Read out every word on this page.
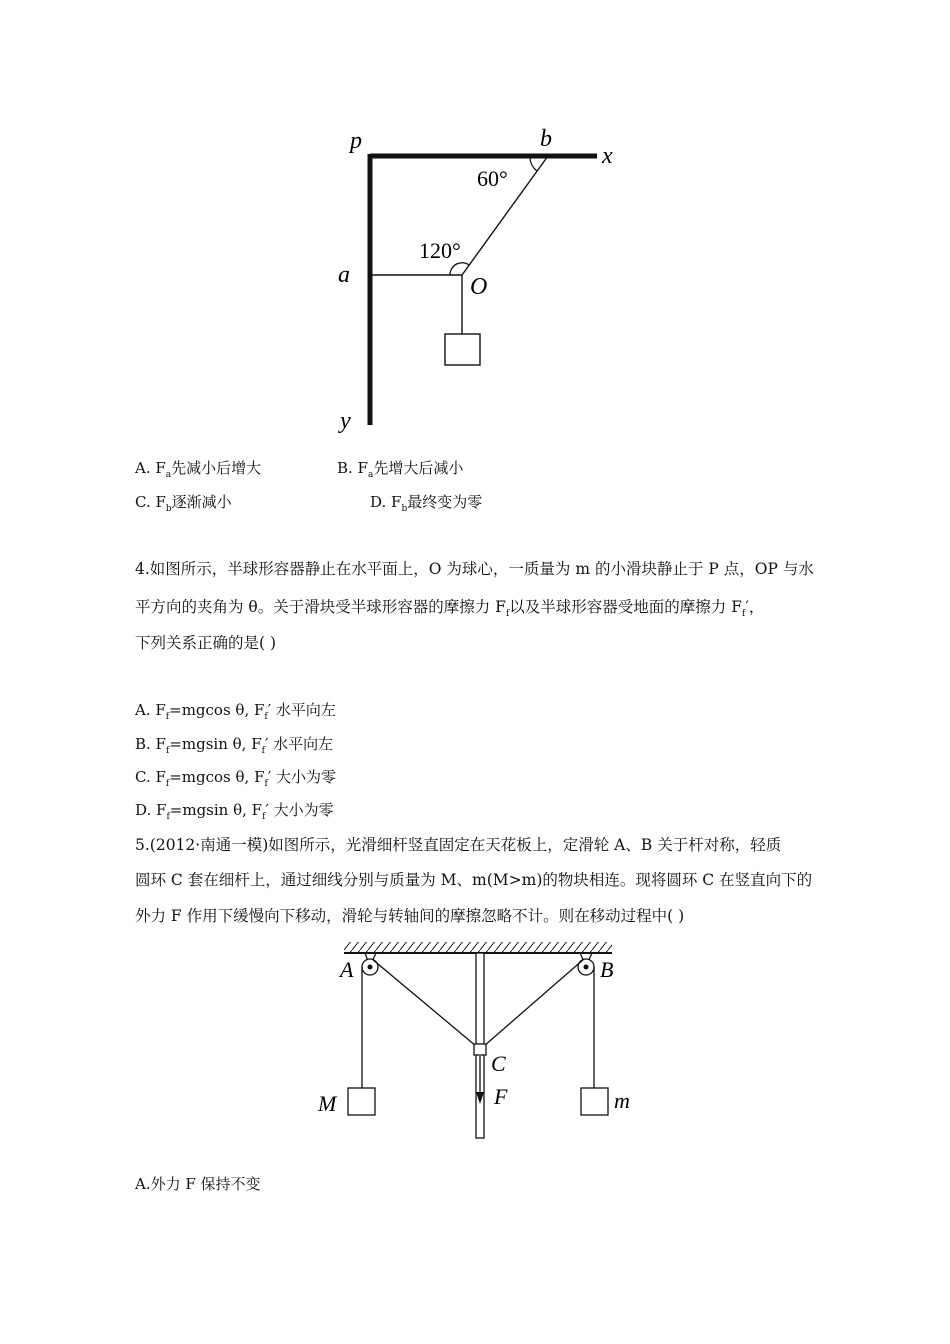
p	b
x
60°
120°
a	O
y
A. $F_a$先减小后增大	B. $F_a$先增大后减小
C. $F_b$逐渐减小	D. $F_b$最终变为零
4.如图所示，半球形容器静止在水平面上，O 为球心，一质量为 m 的小滑块静止于 P 点，OP 与水
平方向的夹角为 θ。关于滑块受半球形容器的摩擦力 $F_f$以及半球形容器受地面的摩擦力 $F_f'$，
下列关系正确的是( )
A. $F_f=mgcos$ θ, $F_f'$ 水平向左
B. $F_f=mgsin$ θ, $F_f'$ 水平向左
C. $F_f=mgcos$ θ, $F_f'$ 大小为零
D. $F_f=mgsin$ θ, $F_f'$ 大小为零
5.(2012·南通一模)如图所示，光滑细杆竖直固定在天花板上，定滑轮 A、B 关于杆对称，轻质
圆环 C 套在细杆上，通过细线分别与质量为 M、m(M>m)的物块相连。现将圆环 C 在竖直向下的
外力 F 作用下缓慢向下移动，滑轮与转轴间的摩擦忽略不计。则在移动过程中( )
A	B
C
F
M	m
A.外力 F 保持不变
